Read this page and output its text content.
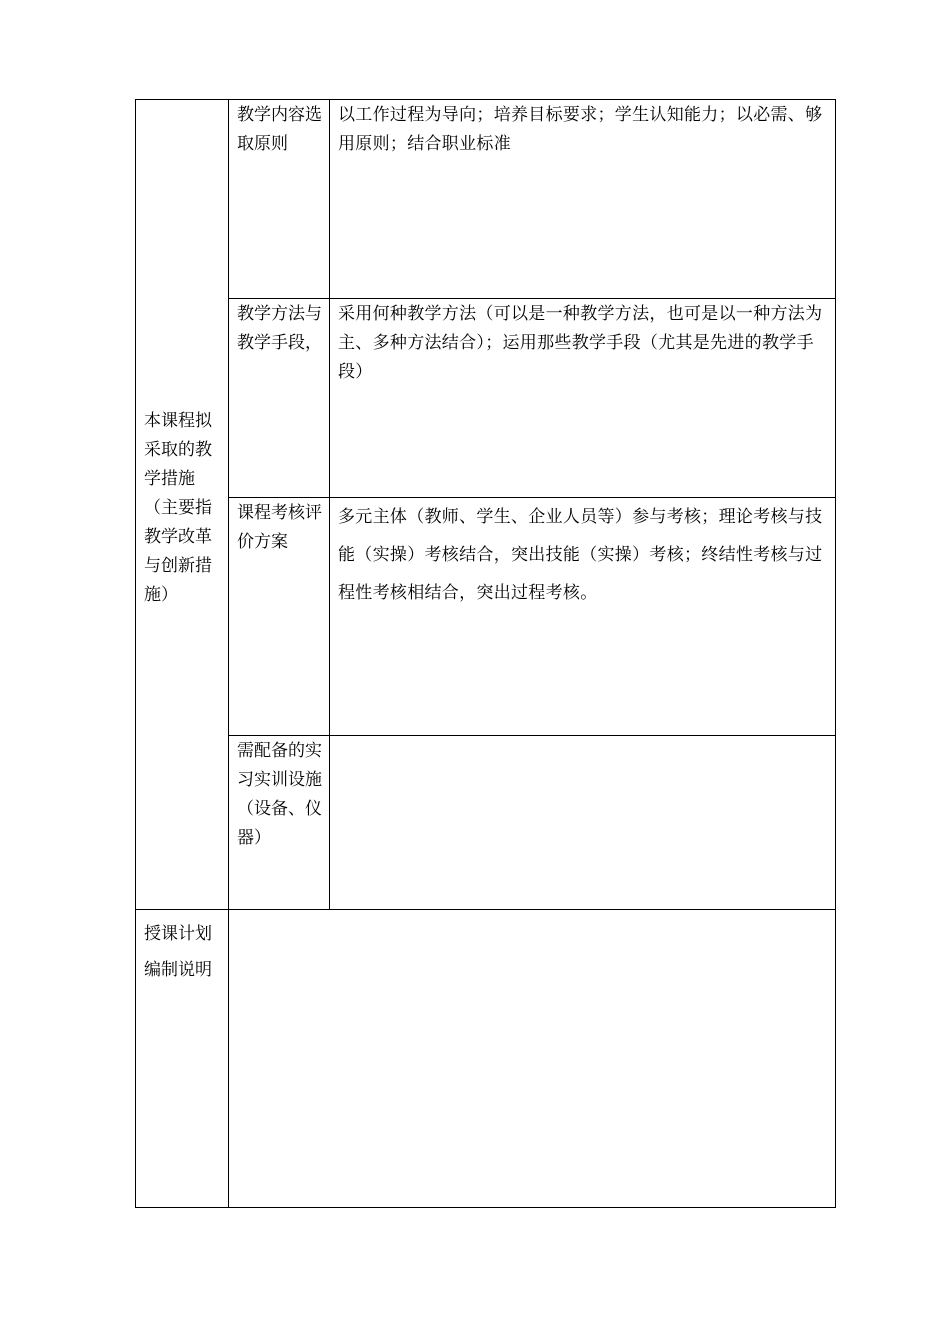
本课程拟采取的教学措施（主要指教学改革与创新措施）	教学内容选取原则	以工作过程为导向；培养目标要求；学生认知能力；以必需、够用原则；结合职业标准

	教学方法与教学手段，	采用何种教学方法（可以是一种教学方法，也可是以一种方法为主、多种方法结合）；运用那些教学手段（尤其是先进的教学手段）

	课程考核评价方案	多元主体（教师、学生、企业人员等）参与考核；理论考核与技能（实操）考核结合，突出技能（实操）考核；终结性考核与过程性考核相结合，突出过程考核。

	需配备的实习实训设施（设备、仪器）	

授课计划编制说明		
